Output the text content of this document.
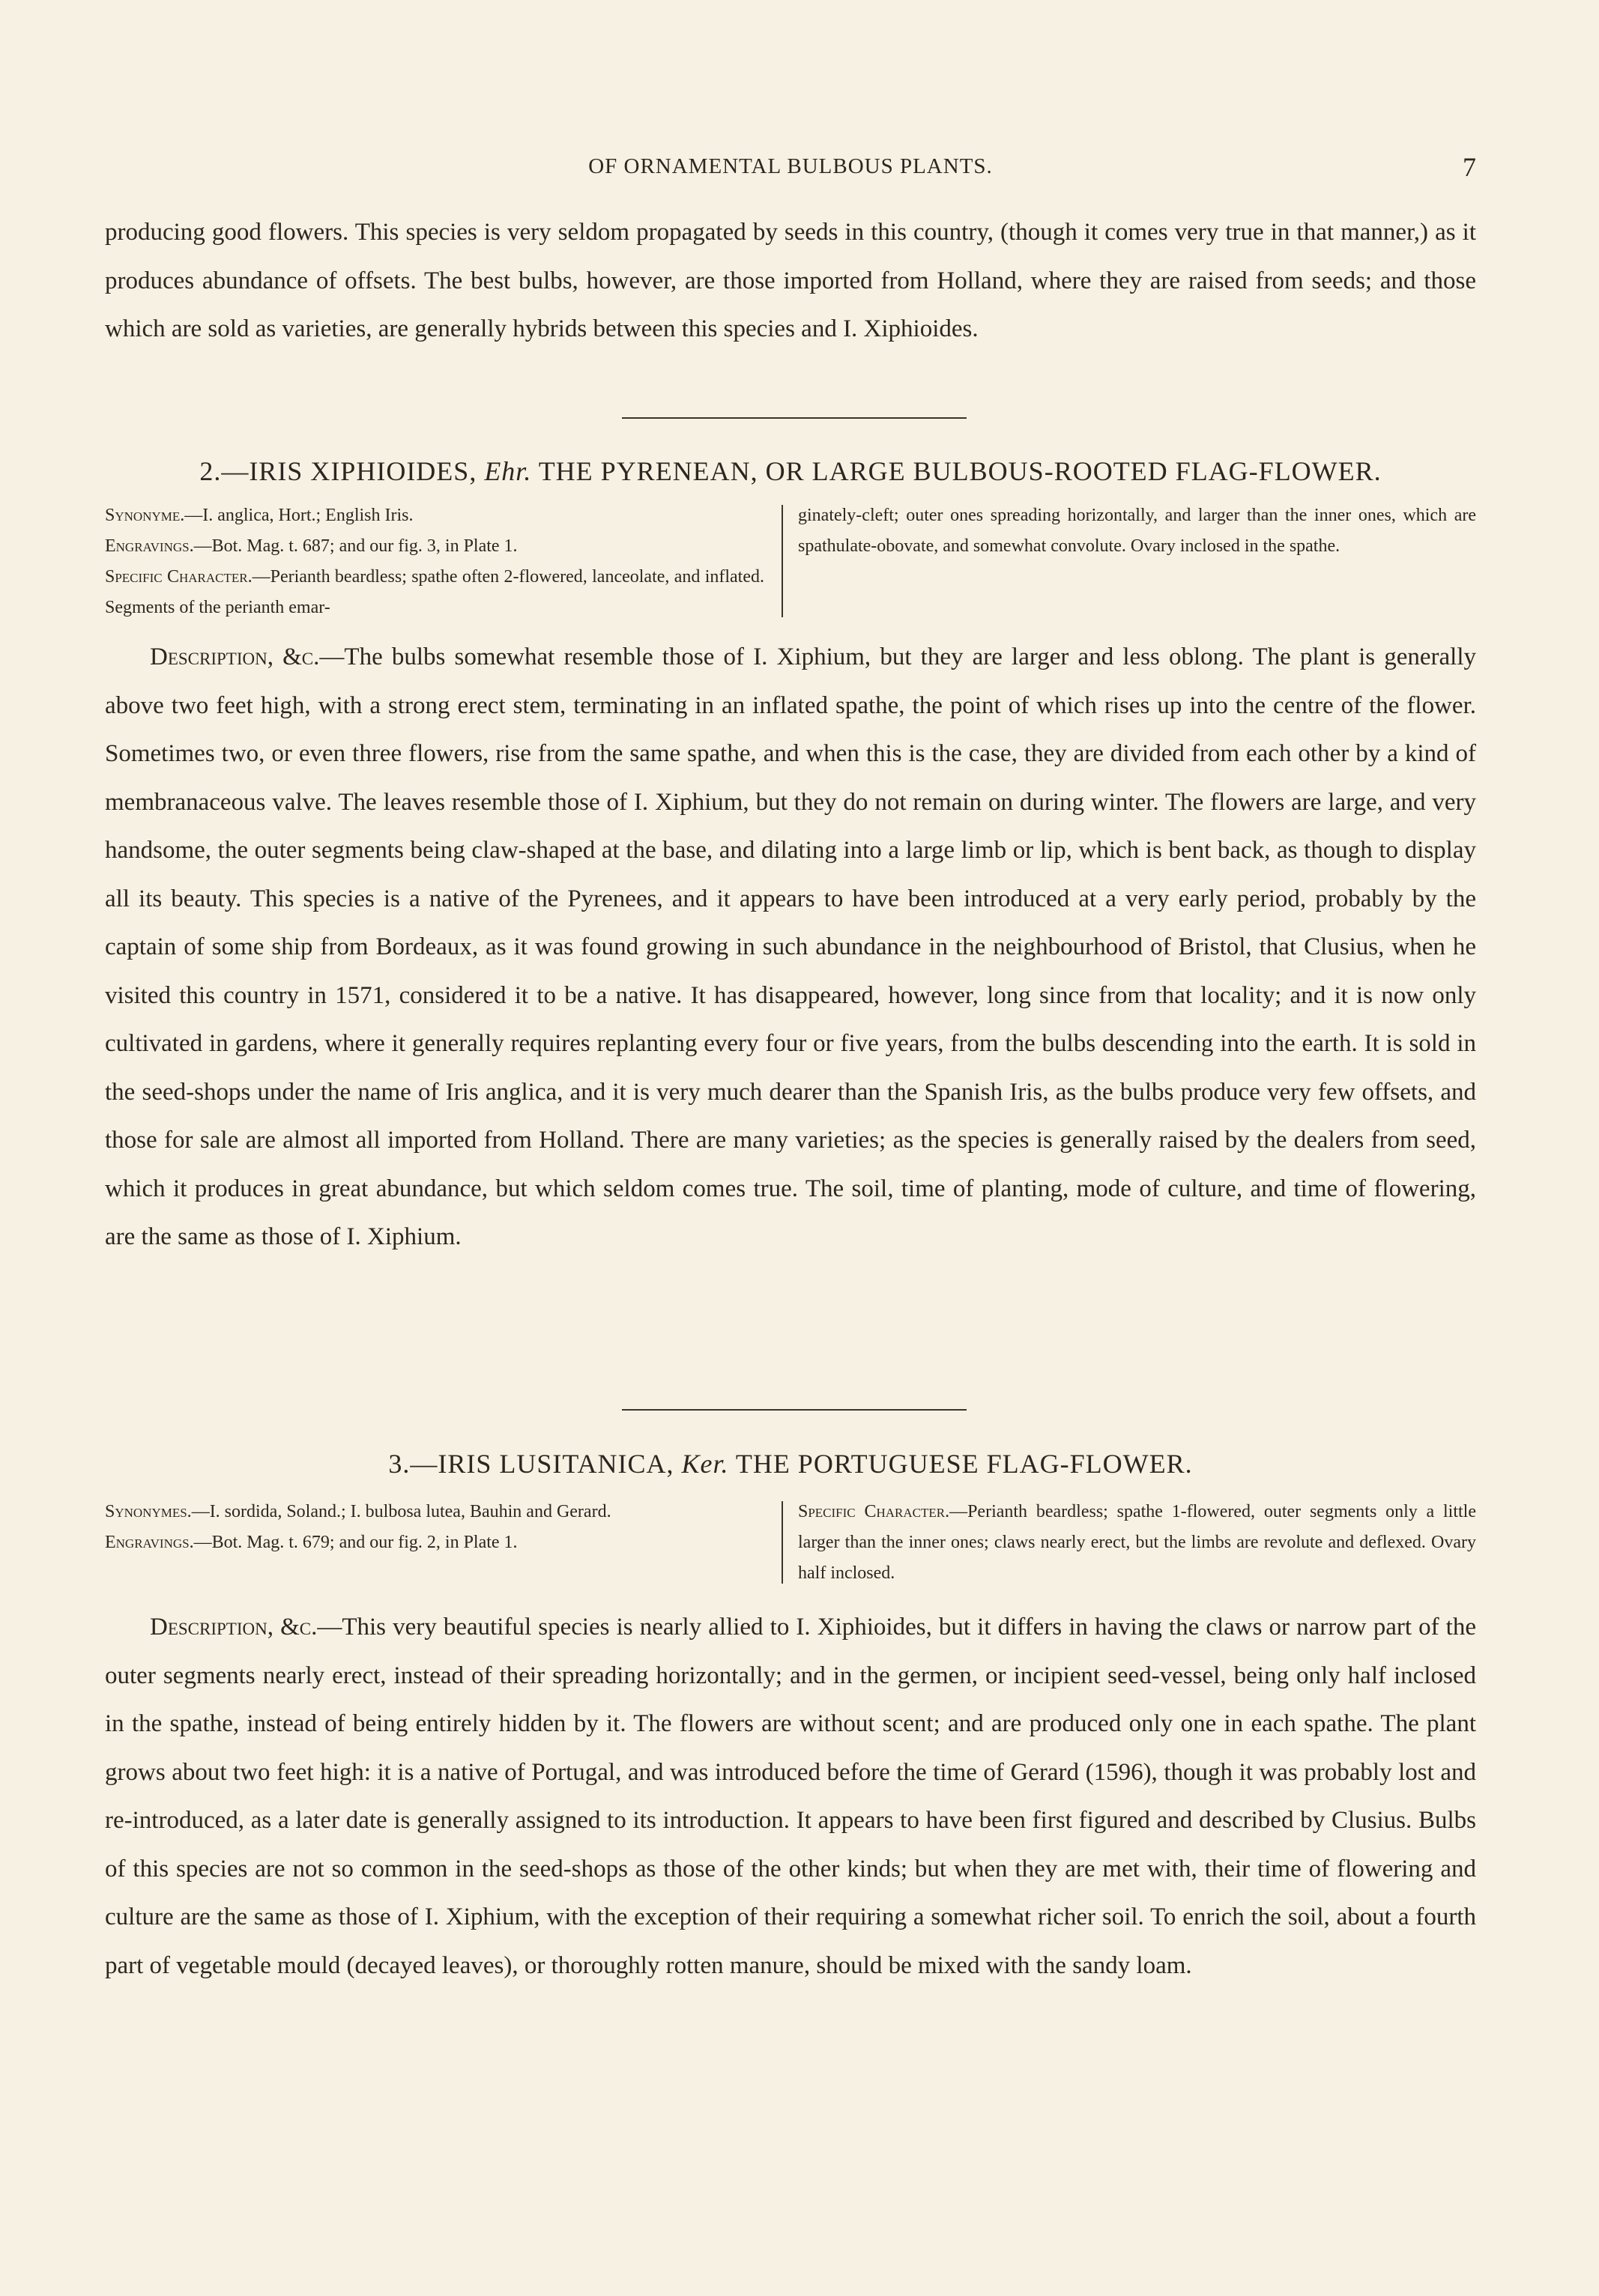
OF ORNAMENTAL BULBOUS PLANTS.	7

producing good flowers. This species is very seldom propagated by seeds in this country, (though it comes very true in that manner,) as it produces abundance of offsets. The best bulbs, however, are those imported from Holland, where they are raised from seeds; and those which are sold as varieties, are generally hybrids between this species and I. Xiphioides.

2.—IRIS XIPHIOIDES, Ehr. THE PYRENEAN, OR LARGE BULBOUS-ROOTED FLAG-FLOWER.
Synonyme.—I. anglica, Hort.; English Iris.
Engravings.—Bot. Mag. t. 687; and our fig. 3, in Plate 1.
Specific Character.—Perianth beardless; spathe often 2-flowered, lanceolate, and inflated. Segments of the perianth emar-
ginately-cleft; outer ones spreading horizontally, and larger than the inner ones, which are spathulate-obovate, and somewhat convolute. Ovary inclosed in the spathe.

Description, &c.—The bulbs somewhat resemble those of I. Xiphium, but they are larger and less oblong. The plant is generally above two feet high, with a strong erect stem, terminating in an inflated spathe, the point of which rises up into the centre of the flower. Sometimes two, or even three flowers, rise from the same spathe, and when this is the case, they are divided from each other by a kind of membranaceous valve. The leaves resemble those of I. Xiphium, but they do not remain on during winter. The flowers are large, and very handsome, the outer segments being claw-shaped at the base, and dilating into a large limb or lip, which is bent back, as though to display all its beauty. This species is a native of the Pyrenees, and it appears to have been introduced at a very early period, probably by the captain of some ship from Bordeaux, as it was found growing in such abundance in the neighbourhood of Bristol, that Clusius, when he visited this country in 1571, considered it to be a native. It has disappeared, however, long since from that locality; and it is now only cultivated in gardens, where it generally requires replanting every four or five years, from the bulbs descending into the earth. It is sold in the seed-shops under the name of Iris anglica, and it is very much dearer than the Spanish Iris, as the bulbs produce very few offsets, and those for sale are almost all imported from Holland. There are many varieties; as the species is generally raised by the dealers from seed, which it produces in great abundance, but which seldom comes true. The soil, time of planting, mode of culture, and time of flowering, are the same as those of I. Xiphium.

3.—IRIS LUSITANICA, Ker. THE PORTUGUESE FLAG-FLOWER.
Synonymes.—I. sordida, Soland.; I. bulbosa lutea, Bauhin and Gerard.
Engravings.—Bot. Mag. t. 679; and our fig. 2, in Plate 1.
Specific Character.—Perianth beardless; spathe 1-flowered, outer segments only a little larger than the inner ones; claws nearly erect, but the limbs are revolute and deflexed. Ovary half inclosed.

Description, &c.—This very beautiful species is nearly allied to I. Xiphioides, but it differs in having the claws or narrow part of the outer segments nearly erect, instead of their spreading horizontally; and in the germen, or incipient seed-vessel, being only half inclosed in the spathe, instead of being entirely hidden by it. The flowers are without scent; and are produced only one in each spathe. The plant grows about two feet high: it is a native of Portugal, and was introduced before the time of Gerard (1596), though it was probably lost and re-introduced, as a later date is generally assigned to its introduction. It appears to have been first figured and described by Clusius. Bulbs of this species are not so common in the seed-shops as those of the other kinds; but when they are met with, their time of flowering and culture are the same as those of I. Xiphium, with the exception of their requiring a somewhat richer soil. To enrich the soil, about a fourth part of vegetable mould (decayed leaves), or thoroughly rotten manure, should be mixed with the sandy loam.
